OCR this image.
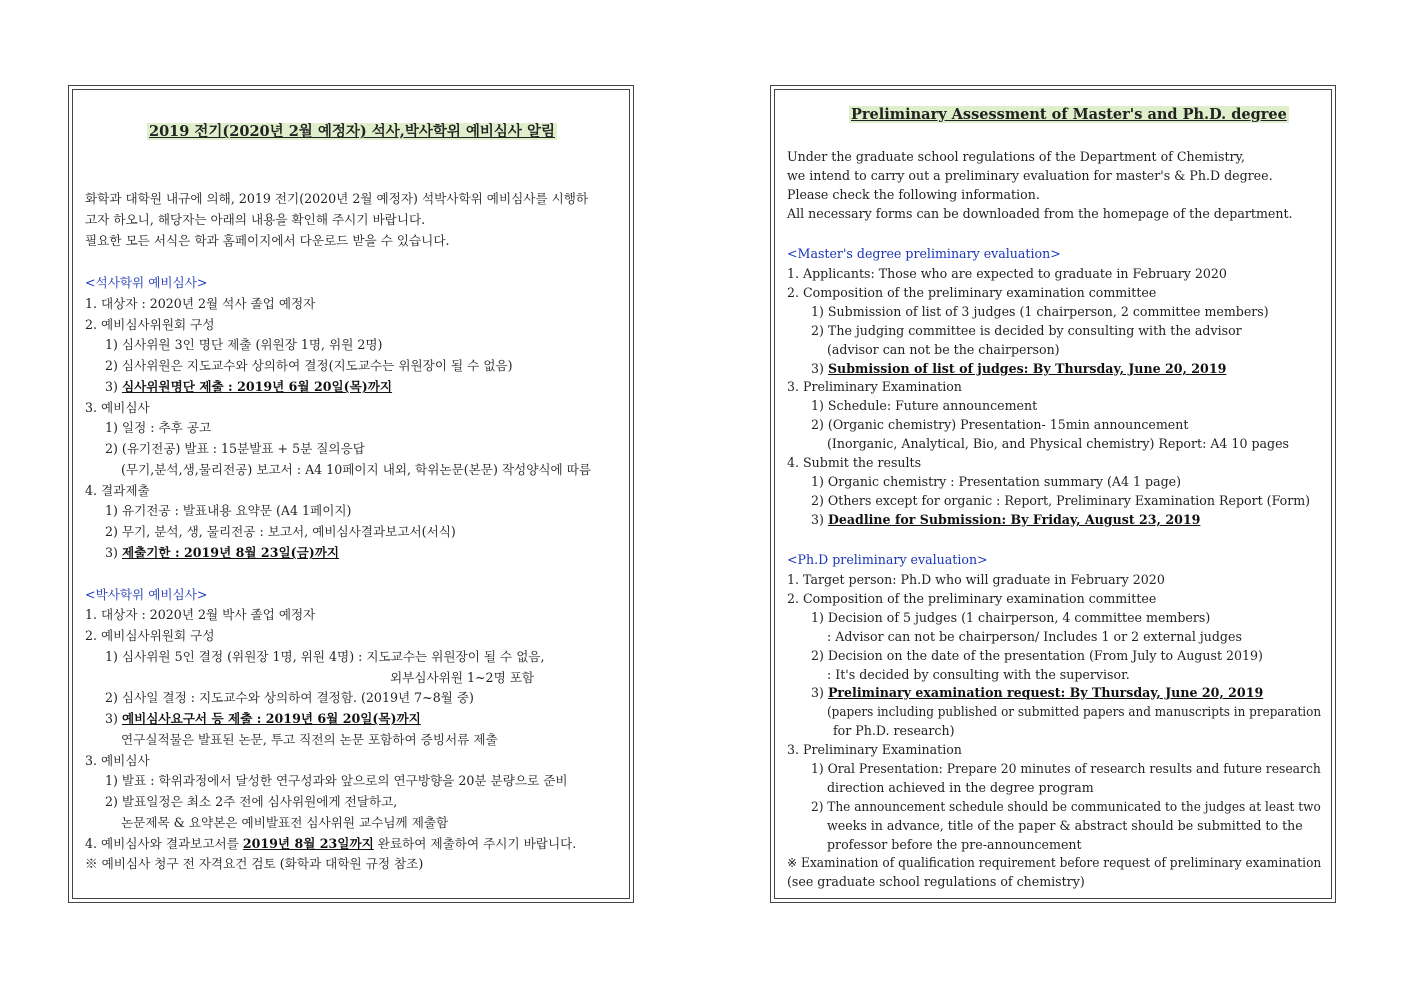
2019 전기(2020년 2월 예정자) 석사,박사학위 예비심사 알림
화학과 대학원 내규에 의해, 2019 전기(2020년 2월 예정자) 석박사학위 예비심사를 시행하
고자 하오니, 해당자는 아래의 내용을 확인해 주시기 바랍니다.
필요한 모든 서식은 학과 홈페이지에서 다운로드 받을 수 있습니다.
<석사학위 예비심사>
1. 대상자 : 2020년 2월 석사 졸업 예정자
2. 예비심사위원회 구성
1) 심사위원 3인 명단 제출 (위원장 1명, 위원 2명)
2) 심사위원은 지도교수와 상의하여 결정(지도교수는 위원장이 될 수 없음)
3) 심사위원명단 제출 : 2019년 6월 20일(목)까지
3. 예비심사
1) 일정 : 추후 공고
2) (유기전공) 발표 : 15분발표 + 5분 질의응답
(무기,분석,생,물리전공) 보고서 : A4 10페이지 내외, 학위논문(본문) 작성양식에 따름
4. 결과제출
1) 유기전공 : 발표내용 요약문 (A4 1페이지)
2) 무기, 분석, 생, 물리전공 : 보고서, 예비심사결과보고서(서식)
3) 제출기한 : 2019년 8월 23일(금)까지
<박사학위 예비심사>
1. 대상자 : 2020년 2월 박사 졸업 예정자
2. 예비심사위원회 구성
1) 심사위원 5인 결정 (위원장 1명, 위원 4명) : 지도교수는 위원장이 될 수 없음,
외부심사위원 1~2명 포함
2) 심사일 결정 : 지도교수와 상의하여 결정함. (2019년 7~8월 중)
3) 예비심사요구서 등 제출 : 2019년 6월 20일(목)까지
연구실적물은 발표된 논문, 투고 직전의 논문 포함하여 증빙서류 제출
3. 예비심사
1) 발표 : 학위과정에서 달성한 연구성과와 앞으로의 연구방향을 20분 분량으로 준비
2) 발표일정은 최소 2주 전에 심사위원에게 전달하고,
논문제목 & 요약본은 예비발표전 심사위원 교수님께 제출함
4. 예비심사와 결과보고서를 2019년 8월 23일까지 완료하여 제출하여 주시기 바랍니다.
※ 예비심사 청구 전 자격요건 검토 (화학과 대학원 규정 참조)
Preliminary Assessment of Master's and Ph.D. degree
Under the graduate school regulations of the Department of Chemistry,
we intend to carry out a preliminary evaluation for master's & Ph.D degree.
Please check the following information.
All necessary forms can be downloaded from the homepage of the department.
<Master's degree preliminary evaluation>
1. Applicants: Those who are expected to graduate in February 2020
2. Composition of the preliminary examination committee
1) Submission of list of 3 judges (1 chairperson, 2 committee members)
2) The judging committee is decided by consulting with the advisor
(advisor can not be the chairperson)
3) Submission of list of judges: By Thursday, June 20, 2019
3. Preliminary Examination
1) Schedule: Future announcement
2) (Organic chemistry) Presentation- 15min announcement
(Inorganic, Analytical, Bio, and Physical chemistry) Report: A4 10 pages
4. Submit the results
1) Organic chemistry : Presentation summary (A4 1 page)
2) Others except for organic : Report, Preliminary Examination Report (Form)
3) Deadline for Submission: By Friday, August 23, 2019
<Ph.D preliminary evaluation>
1. Target person: Ph.D who will graduate in February 2020
2. Composition of the preliminary examination committee
1) Decision of 5 judges (1 chairperson, 4 committee members)
: Advisor can not be chairperson/ Includes 1 or 2 external judges
2) Decision on the date of the presentation (From July to August 2019)
: It's decided by consulting with the supervisor.
3) Preliminary examination request: By Thursday, June 20, 2019
(papers including published or submitted papers and manuscripts in preparation
for Ph.D. research)
3. Preliminary Examination
1) Oral Presentation: Prepare 20 minutes of research results and future research
direction achieved in the degree program
2) The announcement schedule should be communicated to the judges at least two
weeks in advance, title of the paper & abstract should be submitted to the
professor before the pre-announcement
※ Examination of qualification requirement before request of preliminary examination
(see graduate school regulations of chemistry)
